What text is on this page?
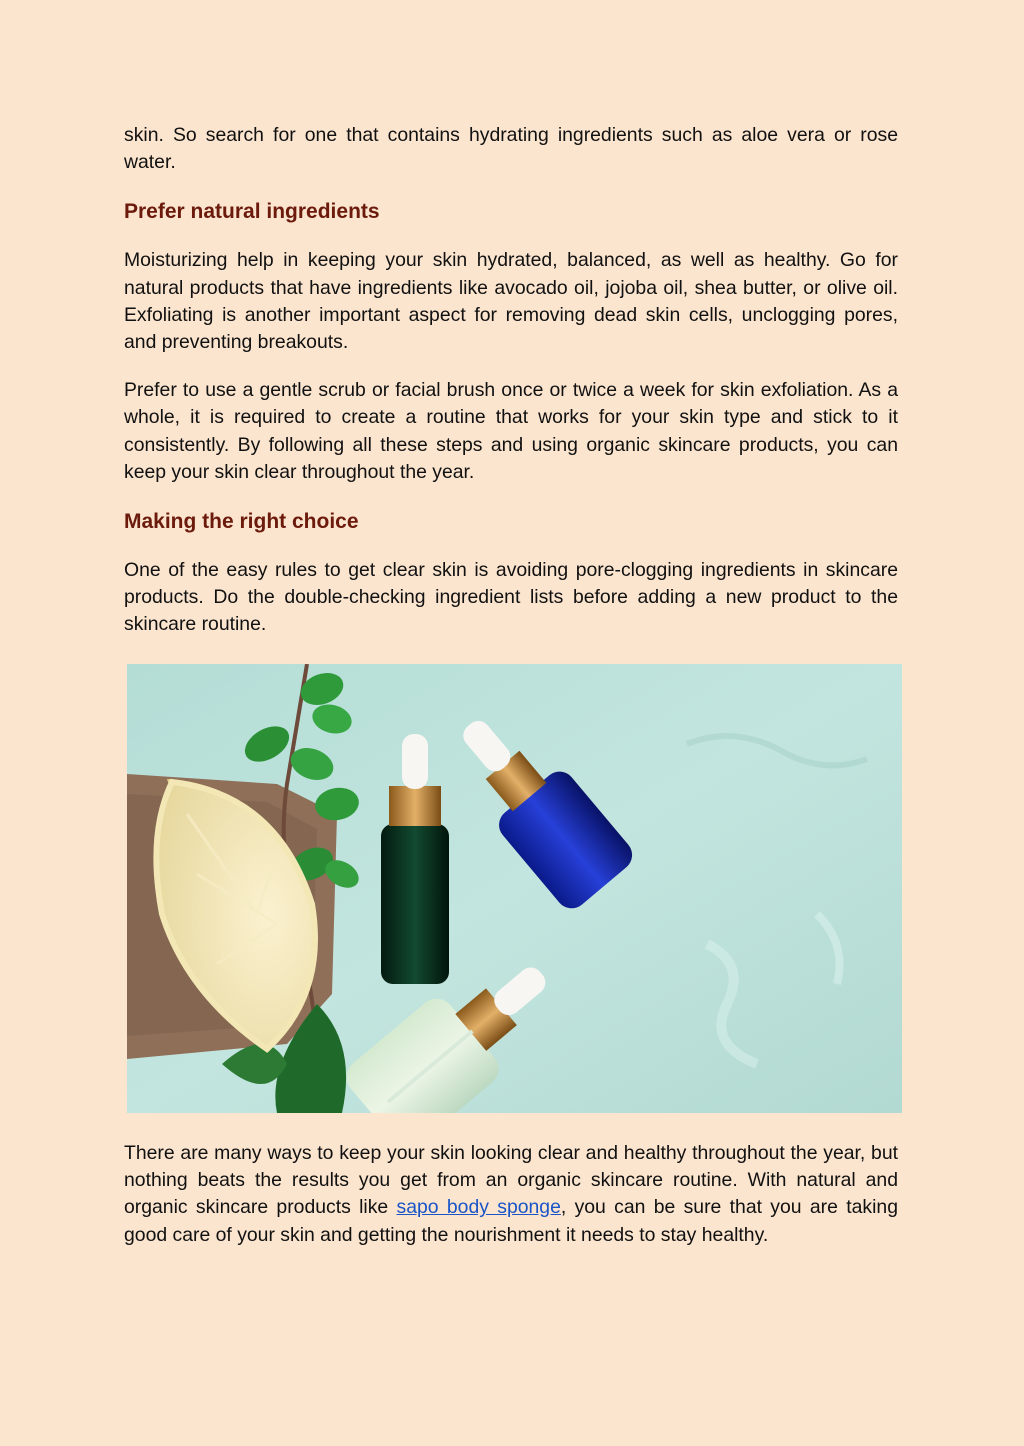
skin. So search for one that contains hydrating ingredients such as aloe vera or rose water.

Prefer natural ingredients

Moisturizing help in keeping your skin hydrated, balanced, as well as healthy. Go for natural products that have ingredients like avocado oil, jojoba oil, shea butter, or olive oil. Exfoliating is another important aspect for removing dead skin cells, unclogging pores, and preventing breakouts.

Prefer to use a gentle scrub or facial brush once or twice a week for skin exfoliation. As a whole, it is required to create a routine that works for your skin type and stick to it consistently. By following all these steps and using organic skincare products, you can keep your skin clear throughout the year.

Making the right choice

One of the easy rules to get clear skin is avoiding pore-clogging ingredients in skincare products. Do the double-checking ingredient lists before adding a new product to the skincare routine.

There are many ways to keep your skin looking clear and healthy throughout the year, but nothing beats the results you get from an organic skincare routine. With natural and organic skincare products like sapo body sponge, you can be sure that you are taking good care of your skin and getting the nourishment it needs to stay healthy.
